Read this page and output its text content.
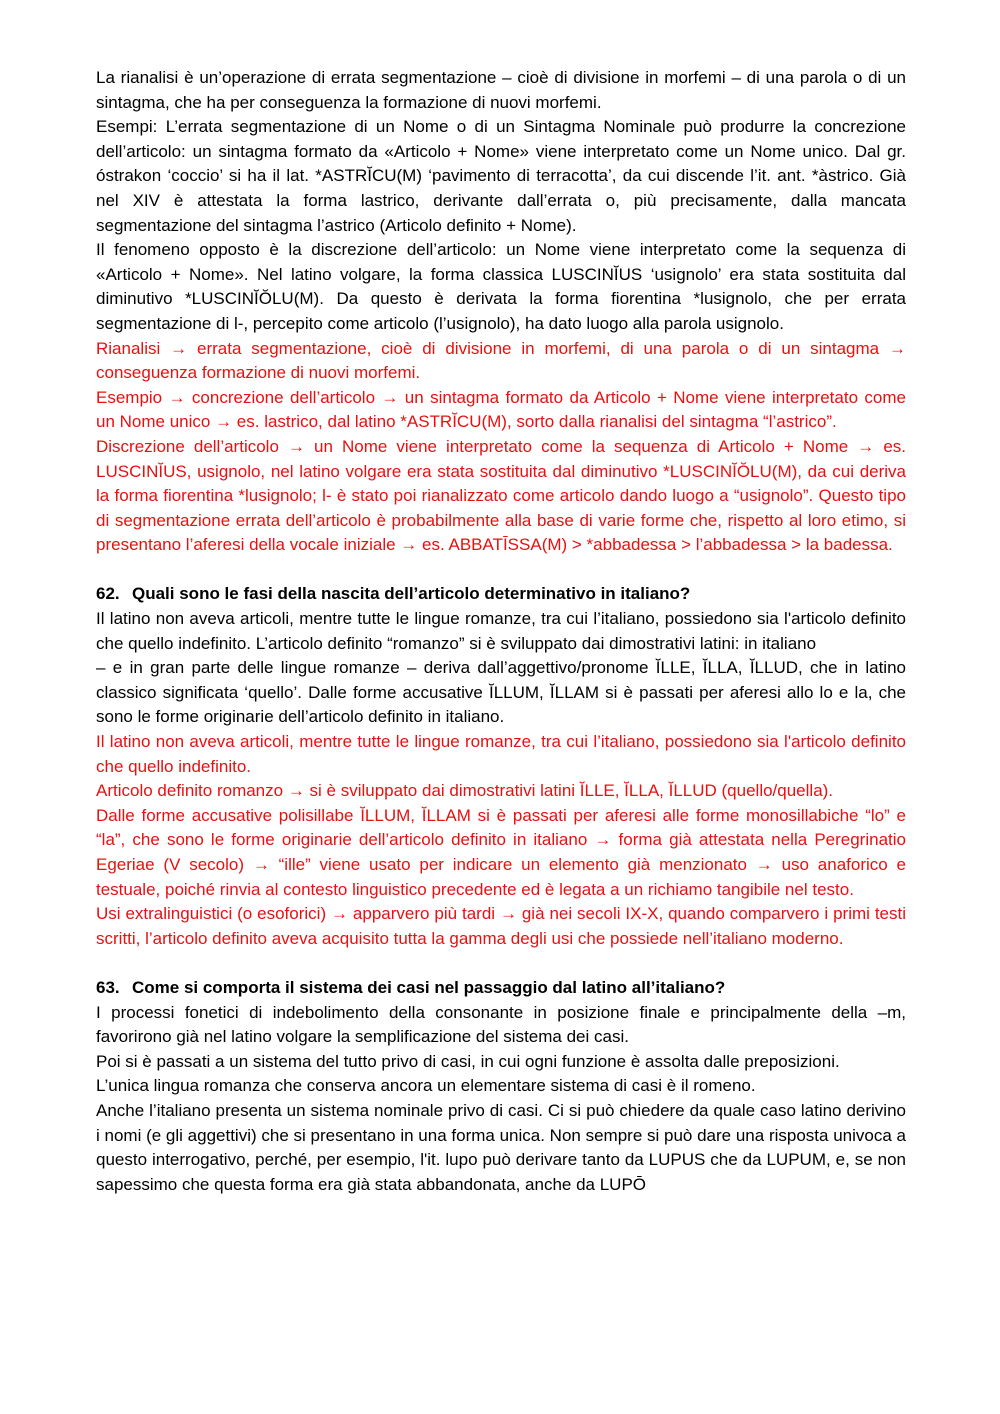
La rianalisi è un’operazione di errata segmentazione – cioè di divisione in morfemi – di una parola o di un sintagma, che ha per conseguenza la formazione di nuovi morfemi.

Esempi: L’errata segmentazione di un Nome o di un Sintagma Nominale può produrre la concrezione dell’articolo: un sintagma formato da «Articolo + Nome» viene interpretato come un Nome unico. Dal gr. óstrakon ‘coccio’ si ha il lat. *ASTRĬCU(M) ‘pavimento di terracotta’, da cui discende l’it. ant. *àstrico. Già nel XIV è attestata la forma lastrico, derivante dall’errata o, più precisamente, dalla mancata segmentazione del sintagma l’astrico (Articolo definito + Nome).

Il fenomeno opposto è la discrezione dell’articolo: un Nome viene interpretato come la sequenza di «Articolo + Nome». Nel latino volgare, la forma classica LUSCINĬUS ‘usignolo’ era stata sostituita dal diminutivo *LUSCINĬŎLU(M). Da questo è derivata la forma fiorentina *lusignolo, che per errata segmentazione di l-, percepito come articolo (l’usignolo), ha dato luogo alla parola usignolo.

Rianalisi → errata segmentazione, cioè di divisione in morfemi, di una parola o di un sintagma → conseguenza formazione di nuovi morfemi.

Esempio → concrezione dell’articolo → un sintagma formato da Articolo + Nome viene interpretato come un Nome unico → es. lastrico, dal latino *ASTRĬCU(M), sorto dalla rianalisi del sintagma “l’astrico”.

Discrezione dell’articolo → un Nome viene interpretato come la sequenza di Articolo + Nome → es. LUSCINĬUS, usignolo, nel latino volgare era stata sostituita dal diminutivo *LUSCINĬŎLU(M), da cui deriva la forma fiorentina *lusignolo; l- è stato poi rianalizzato come articolo dando luogo a “usignolo”. Questo tipo di segmentazione errata dell’articolo è probabilmente alla base di varie forme che, rispetto al loro etimo, si presentano l’aferesi della vocale iniziale → es. ABBATĪSSA(M) > *abbadessa > l’abbadessa > la badessa.

62. Quali sono le fasi della nascita dell’articolo determinativo in italiano?

Il latino non aveva articoli, mentre tutte le lingue romanze, tra cui l’italiano, possiedono sia l'articolo definito che quello indefinito. L’articolo definito “romanzo” si è sviluppato dai dimostrativi latini: in italiano

– e in gran parte delle lingue romanze – deriva dall’aggettivo/pronome ĬLLE, ĬLLA, ĬLLUD, che in latino classico significata ‘quello’. Dalle forme accusative ĬLLUM, ĬLLAM si è passati per aferesi allo lo e la, che sono le forme originarie dell’articolo definito in italiano.

Il latino non aveva articoli, mentre tutte le lingue romanze, tra cui l’italiano, possiedono sia l'articolo definito che quello indefinito.

Articolo definito romanzo → si è sviluppato dai dimostrativi latini ĬLLE, ĬLLA, ĬLLUD (quello/quella).

Dalle forme accusative polisillabe ĬLLUM, ĬLLAM si è passati per aferesi alle forme monosillabiche “lo” e “la”, che sono le forme originarie dell’articolo definito in italiano → forma già attestata nella Peregrinatio Egeriae (V secolo) → “ille” viene usato per indicare un elemento già menzionato → uso anaforico e testuale, poiché rinvia al contesto linguistico precedente ed è legata a un richiamo tangibile nel testo.

Usi extralinguistici (o esoforici) → apparvero più tardi → già nei secoli IX-X, quando comparvero i primi testi scritti, l’articolo definito aveva acquisito tutta la gamma degli usi che possiede nell’italiano moderno.

63. Come si comporta il sistema dei casi nel passaggio dal latino all’italiano?

I processi fonetici di indebolimento della consonante in posizione finale e principalmente della –m, favorirono già nel latino volgare la semplificazione del sistema dei casi.

Poi si è passati a un sistema del tutto privo di casi, in cui ogni funzione è assolta dalle preposizioni.

L’unica lingua romanza che conserva ancora un elementare sistema di casi è il romeno.

Anche l’italiano presenta un sistema nominale privo di casi. Ci si può chiedere da quale caso latino derivino i nomi (e gli aggettivi) che si presentano in una forma unica. Non sempre si può dare una risposta univoca a questo interrogativo, perché, per esempio, l'it. lupo può derivare tanto da LUPUS che da LUPUM, e, se non sapessimo che questa forma era già stata abbandonata, anche da LUPŌ
